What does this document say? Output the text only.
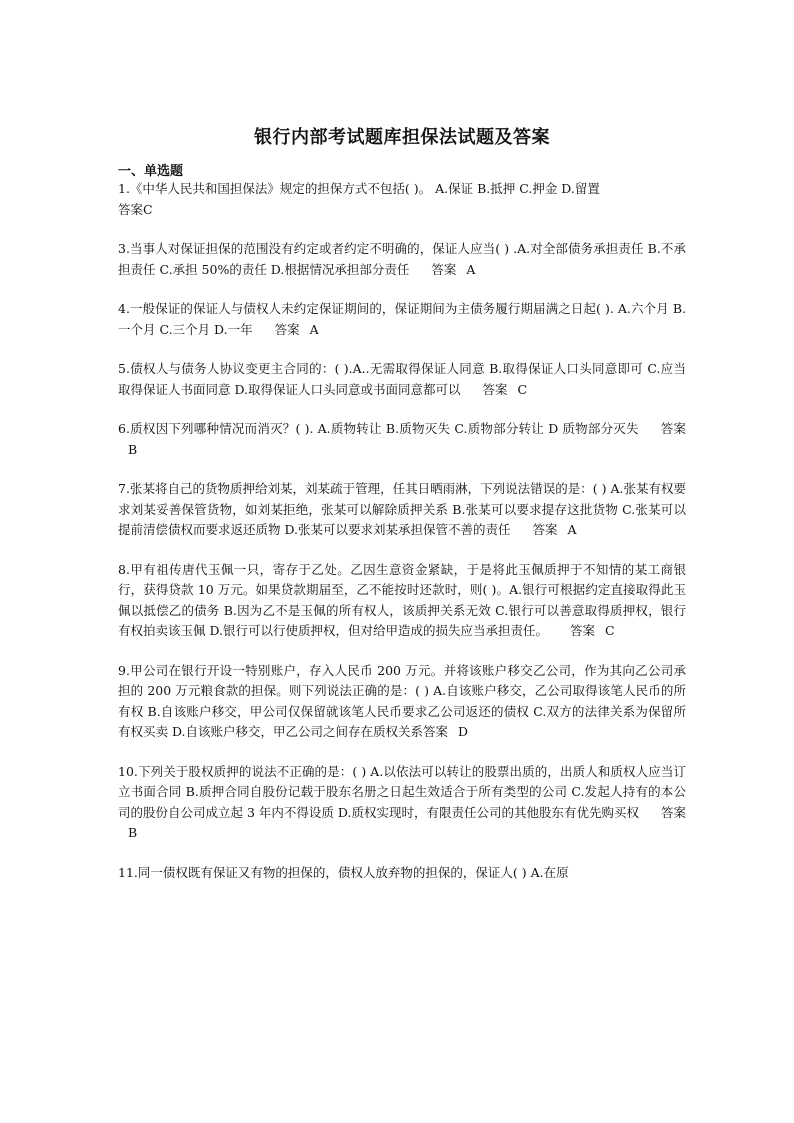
银行内部考试题库担保法试题及答案
一、单选题

1.《中华人民共和国担保法》规定的担保方式不包括( )。 A.保证 B.抵押 C.押金 D.留置
答案C

3.当事人对保证担保的范围没有约定或者约定不明确的，保证人应当( ) .A.对全部债务承担责任 B.不承担责任 C.承担 50%的责任 D.根据情况承担部分责任 答案 A

4.一般保证的保证人与债权人未约定保证期间的，保证期间为主债务履行期届满之日起( ). A.六个月 B.一个月 C.三个月 D.一年 答案 A

5.债权人与债务人协议变更主合同的：( ).A..无需取得保证人同意 B.取得保证人口头同意即可 C.应当取得保证人书面同意 D.取得保证人口头同意或书面同意都可以 答案 C

6.质权因下列哪种情况而消灭？( ). A.质物转让 B.质物灭失 C.质物部分转让 D 质物部分灭失 答案B

7.张某将自己的货物质押给刘某，刘某疏于管理，任其日晒雨淋，下列说法错误的是：( ) A.张某有权要求刘某妥善保管货物，如刘某拒绝，张某可以解除质押关系 B.张某可以要求提存这批货物 C.张某可以提前清偿债权而要求返还质物 D.张某可以要求刘某承担保管不善的责任 答案 A

8.甲有祖传唐代玉佩一只，寄存于乙处。乙因生意资金紧缺，于是将此玉佩质押于不知情的某工商银行，获得贷款 10 万元。如果贷款期届至，乙不能按时还款时，则( )。A.银行可根据约定直接取得此玉佩以抵偿乙的债务 B.因为乙不是玉佩的所有权人，该质押关系无效 C.银行可以善意取得质押权，银行有权拍卖该玉佩 D.银行可以行使质押权，但对给甲造成的损失应当承担责任。 答案 C

9.甲公司在银行开设一特别账户，存入人民币 200 万元。并将该账户移交乙公司，作为其向乙公司承担的 200 万元粮食款的担保。则下列说法正确的是：( ) A.自该账户移交，乙公司取得该笔人民币的所有权 B.自该账户移交，甲公司仅保留就该笔人民币要求乙公司返还的债权 C.双方的法律关系为保留所有权买卖 D.自该账户移交，甲乙公司之间存在质权关系答案 D

10.下列关于股权质押的说法不正确的是：( ) A.以依法可以转让的股票出质的，出质人和质权人应当订立书面合同 B.质押合同自股份记载于股东名册之日起生效适合于所有类型的公司 C.发起人持有的本公司的股份自公司成立起 3 年内不得设质 D.质权实现时，有限责任公司的其他股东有优先购买权 答案B

11.同一债权既有保证又有物的担保的，债权人放弃物的担保的，保证人( ) A.在原
